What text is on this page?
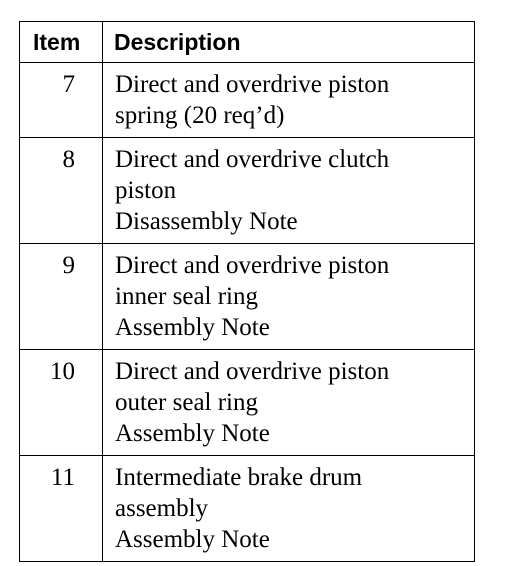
Item	Description
7	Direct and overdrive piston
spring (20 req’d)

8	Direct and overdrive clutch
piston
Disassembly Note

9	Direct and overdrive piston
inner seal ring
Assembly Note

10	Direct and overdrive piston
outer seal ring
Assembly Note

11	Intermediate brake drum
assembly
Assembly Note
